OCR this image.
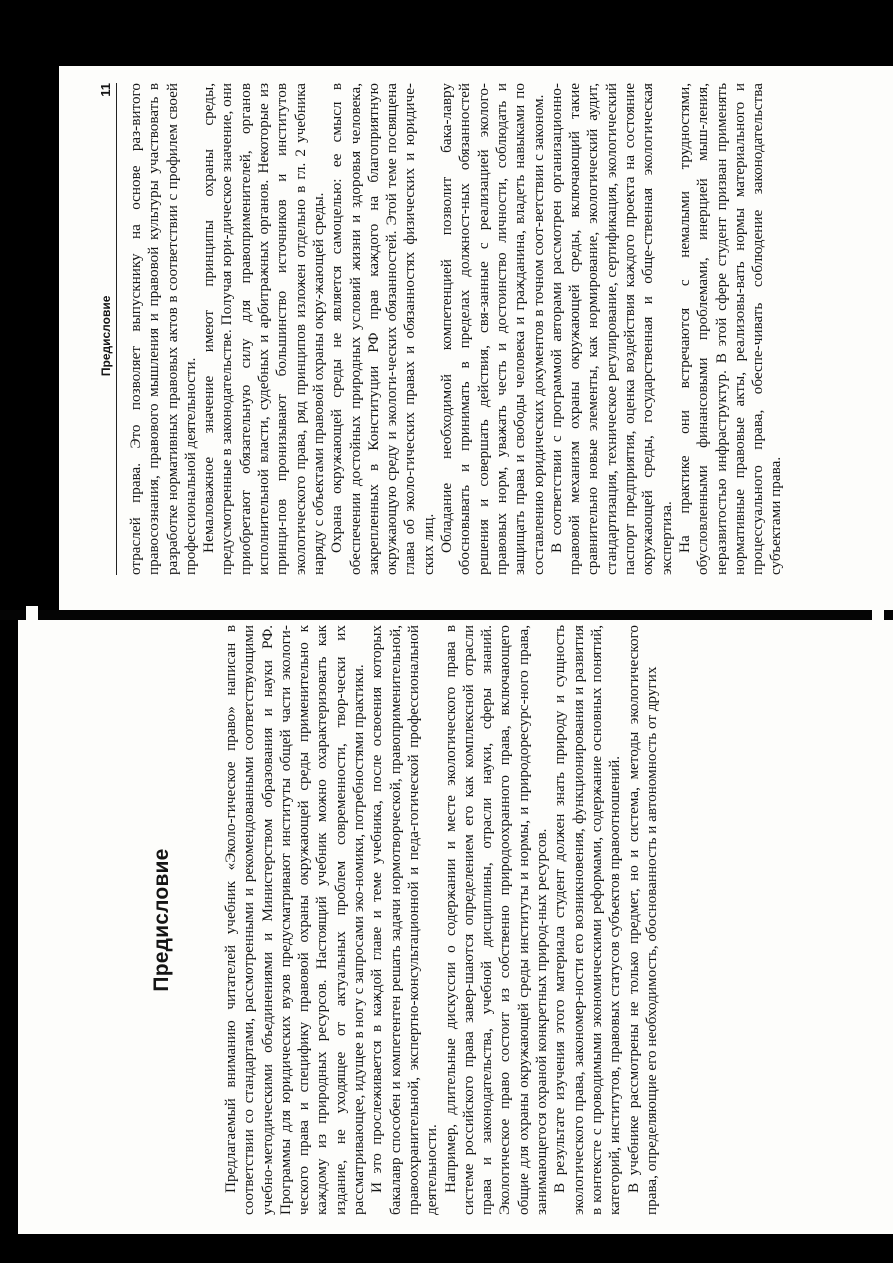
Предисловие
11 отраслей права. Это позволяет выпускнику на основе раз-витого правосознания, правового мышления и правовой культуры участвовать в разработке нормативных правовых актов в соответствии с профилем своей профессиональной деятельности. Немаловажное значение имеют принципы охраны среды, предусмотренные в законодательстве. Получая юри-дическое значение, они приобретают обязательную силу для правоприменителей, органов исполнительной власти, судебных и арбитражных органов. Некоторые из принци-пов пронизывают большинство источников и институтов экологического права, ряд принципов изложен отдельно в гл. 2 учебника наряду с объектами правовой охраны окру-жающей среды. Охрана окружающей среды не является самоцелью: ее смысл в обеспечении достойных природных условий жизни и здоровья человека, закрепленных в Конституции РФ прав каждого на благоприятную окружающую среду и экологи-ческих обязанностей. Этой теме посвящена глава об эколо-гических правах и обязанностях физических и юридиче-ских лиц. Обладание необходимой компетенцией позволит бака-лавру обосновывать и принимать в пределах должност-ных обязанностей решения и совершать действия, свя-занные с реализацией эколого-правовых норм, уважать честь и достоинство личности, соблюдать и защищать права и свободы человека и гражданина, владеть навыками по составлению юридических документов в точном соот-ветствии с законом. В соответствии с программой авторами рассмотрен организационно-правовой механизм охраны окружающей среды, включающий такие сравнительно новые элементы, как нормирование, экологический аудит, стандартизация, техническое регулирование, сертификация, экологический паспорт предприятия, оценка воздействия каждого проекта на состояние окружающей среды, государственная и обще-ственная экологическая экспертиза. На практике они встречаются с немалыми трудностями, обусловленными финансовыми проблемами, инерцией мыш-ления, неразвитостью инфраструктур. В этой сфере студент призван применять нормативные правовые акты, реализовы-вать нормы материального и процессуального права, обеспе-чивать соблюдение законодательства субъектами права.

Предисловие	Предлагаемый вниманию читателей учебник «Эколо-гическое право» написан в соответствии со стандартами, рассмотренными и рекомендованными соответствующими учебно-методическими объединениями и Министерством образования и науки РФ. Программы для юридических вузов предусматривают институты общей части экологи-ческого права и специфику правовой охраны окружающей среды применительно к каждому из природных ресурсов. Настоящий учебник можно охарактеризовать как издание, не уходящее от актуальных проблем современности, твор-чески их рассматривающее, идущее в ногу с запросами эко-номики, потребностями практики. И это прослеживается в каждой главе и теме учебника, после освоения которых бакалавр способен и компетентен решать задачи нормотворческой, правоприменительной, правоохранительной, экспертно-консультационной и педа-гогической профессиональной деятельности. Например, длительные дискуссии о содержании и месте экологического права в системе российского права завер-шаются определением его как комплексной отрасли права и законодательства, учебной дисциплины, отрасли науки, сферы знаний. Экологическое право состоит из собственно природоохранного права, включающего общие для охраны окружающей среды институты и нормы, и природоресурс-ного права, занимающегося охраной конкретных природ-ных ресурсов. В результате изучения этого материала студент должен знать природу и сущность экологического права, закономер-ности его возникновения, функционирования и развития в контексте с проводимыми экономическими реформами, содержание основных понятий, категорий, институтов, правовых статусов субъектов правоотношений. В учебнике рассмотрены не только предмет, но и система, методы экологического права, определяющие его необходимость, обоснованность и автономность от других
